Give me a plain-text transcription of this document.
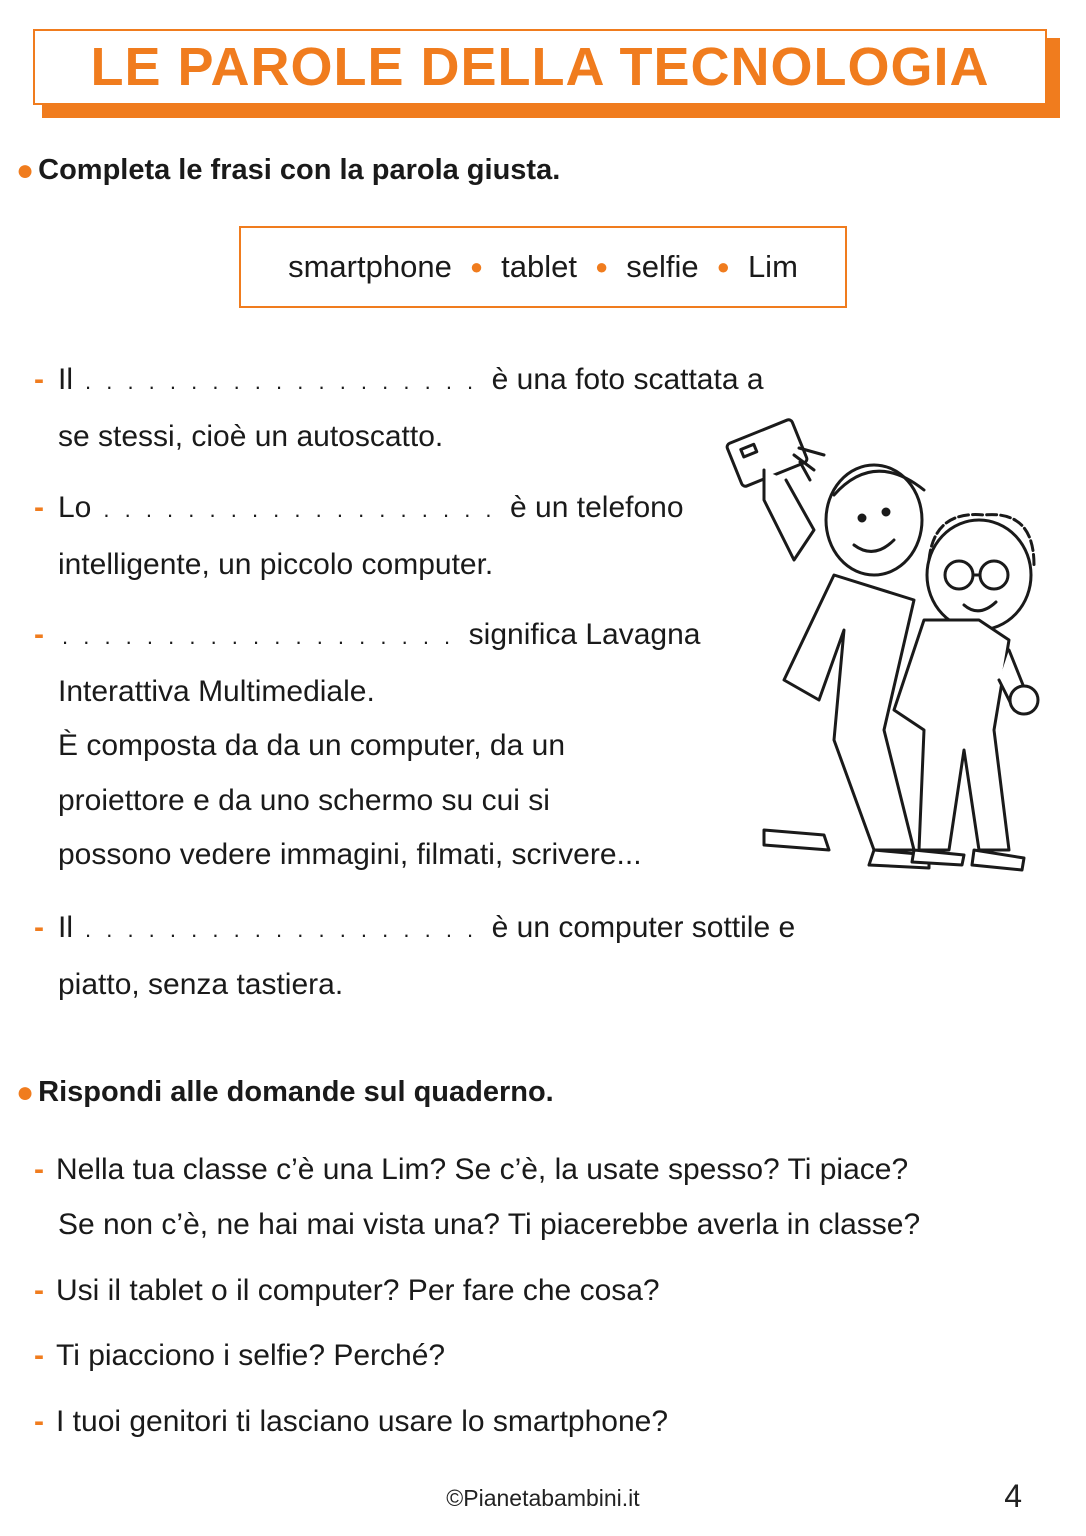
LE PAROLE DELLA TECNOLOGIA
● Completa le frasi con la parola giusta.
smartphone ● tablet ● selfie ● Lim
- Il . . . . . . . . . . . . . . . . . . . è una foto scattata a
se stessi, cioè un autoscatto.
- Lo . . . . . . . . . . . . . . . . . . . è un telefono
intelligente, un piccolo computer.
- . . . . . . . . . . . . . . . . . . . significa Lavagna
Interattiva Multimediale.
È composta da da un computer, da un
proiettore e da uno schermo su cui si
possono vedere immagini, filmati, scrivere...
- Il . . . . . . . . . . . . . . . . . . . è un computer sottile e
piatto, senza tastiera.
● Rispondi alle domande sul quaderno.
- Nella tua classe c’è una Lim? Se c’è, la usate spesso? Ti piace?
Se non c’è, ne hai mai vista una? Ti piacerebbe averla in classe?
- Usi il tablet o il computer? Per fare che cosa?
- Ti piacciono i selfie? Perché?
- I tuoi genitori ti lasciano usare lo smartphone?
©Pianetabambini.it	4
